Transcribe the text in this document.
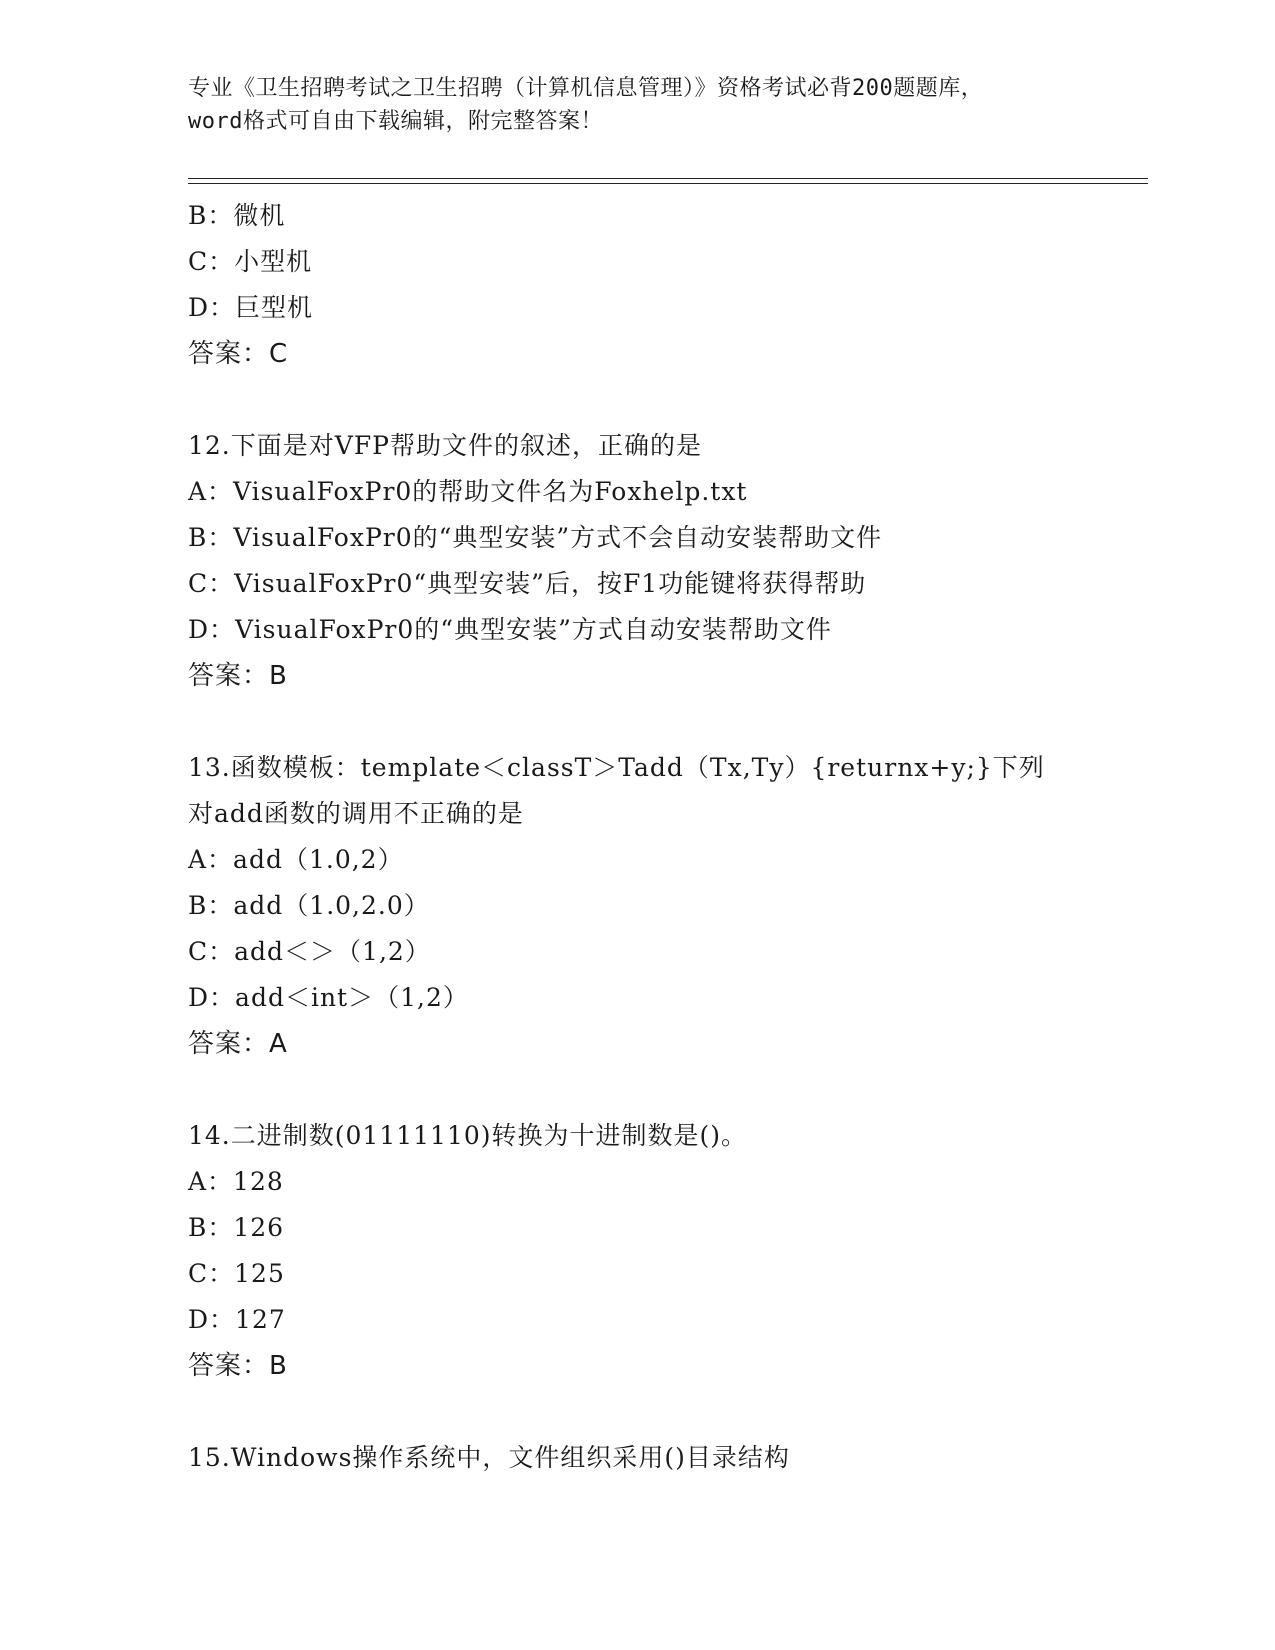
专业《卫生招聘考试之卫生招聘（计算机信息管理）》资格考试必背200题题库，
word格式可自由下载编辑，附完整答案！
B：微机
C：小型机
D：巨型机
答案：C
12.下面是对VFP帮助文件的叙述，正确的是
A：VisualFoxPr0的帮助文件名为Foxhelp.txt
B：VisualFoxPr0的“典型安装”方式不会自动安装帮助文件
C：VisualFoxPr0“典型安装”后，按F1功能键将获得帮助
D：VisualFoxPr0的“典型安装”方式自动安装帮助文件
答案：B
13.函数模板：template＜classT＞Tadd（Tx,Ty）{returnx+y;}下列
对add函数的调用不正确的是
A：add（1.0,2）
B：add（1.0,2.0）
C：add＜＞（1,2）
D：add＜int＞（1,2）
答案：A
14.二进制数(01111110)转换为十进制数是()。
A：128
B：126
C：125
D：127
答案：B
15.Windows操作系统中，文件组织采用()目录结构
